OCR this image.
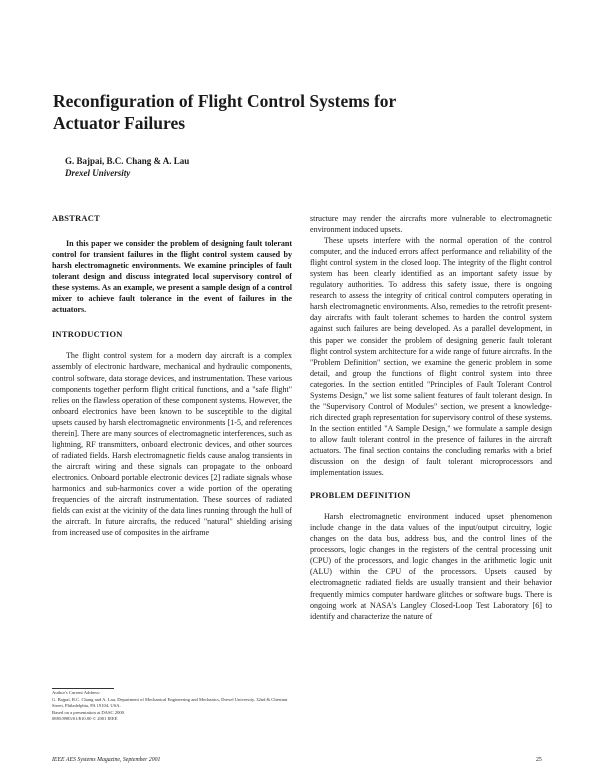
Reconfiguration of Flight Control Systems for Actuator Failures
G. Bajpai, B.C. Chang & A. Lau
Drexel University
ABSTRACT

In this paper we consider the problem of designing fault tolerant control for transient failures in the flight control system caused by harsh electromagnetic environments. We examine principles of fault tolerant design and discuss integrated local supervisory control of these systems. As an example, we present a sample design of a control mixer to achieve fault tolerance in the event of failures in the actuators.

INTRODUCTION

The flight control system for a modern day aircraft is a complex assembly of electronic hardware, mechanical and hydraulic components, control software, data storage devices, and instrumentation. These various components together perform flight critical functions, and a "safe flight" relies on the flawless operation of these component systems. However, the onboard electronics have been known to be susceptible to the digital upsets caused by harsh electromagnetic environments [1-5, and references therein]. There are many sources of electromagnetic interferences, such as lightning, RF transmitters, onboard electronic devices, and other sources of radiated fields. Harsh electromagnetic fields cause analog transients in the aircraft wiring and these signals can propagate to the onboard electronics. Onboard portable electronic devices [2] radiate signals whose harmonics and sub-harmonics cover a wide portion of the operating frequencies of the aircraft instrumentation. These sources of radiated fields can exist at the vicinity of the data lines running through the hull of the aircraft. In future aircrafts, the reduced "natural" shielding arising from increased use of composites in the airframe

structure may render the aircrafts more vulnerable to electromagnetic environment induced upsets.

These upsets interfere with the normal operation of the control computer, and the induced errors affect performance and reliability of the flight control system in the closed loop. The integrity of the flight control system has been clearly identified as an important safety issue by regulatory authorities. To address this safety issue, there is ongoing research to assess the integrity of critical control computers operating in harsh electromagnetic environments. Also, remedies to the retrofit present-day aircrafts with fault tolerant schemes to harden the control system against such failures are being developed. As a parallel development, in this paper we consider the problem of designing generic fault tolerant flight control system architecture for a wide range of future aircrafts. In the "Problem Definition" section, we examine the generic problem in some detail, and group the functions of flight control system into three categories. In the section entitled "Principles of Fault Tolerant Control Systems Design," we list some salient features of fault tolerant design. In the "Supervisory Control of Modules" section, we present a knowledge-rich directed graph representation for supervisory control of these systems. In the section entitled "A Sample Design," we formulate a sample design to allow fault tolerant control in the presence of failures in the aircraft actuators. The final section contains the concluding remarks with a brief discussion on the design of fault tolerant microprocessors and implementation issues.

PROBLEM DEFINITION

Harsh electromagnetic environment induced upset phenomenon include change in the data values of the input/output circuitry, logic changes on the data bus, address bus, and the control lines of the processors, logic changes in the registers of the central processing unit (CPU) of the processors, and logic changes in the arithmetic logic unit (ALU) within the CPU of the processors. Upsets caused by electromagnetic radiated fields are usually transient and their behavior frequently mimics computer hardware glitches or software bugs. There is ongoing work at NASA's Langley Closed-Loop Test Laboratory [6] to identify and characterize the nature of

Author's Current Address:
G. Bajpai, B.C. Chang and A. Lau, Department of Mechanical Engineering and Mechanics, Drexel University, 32nd & Chestnut Street, Philadelphia, PA 19104, USA.
Based on a presentation at DASC 2000.
0885/8985/01/$10.00 © 2001 IEEE
IEEE AES Systems Magazine, September 2001	25
